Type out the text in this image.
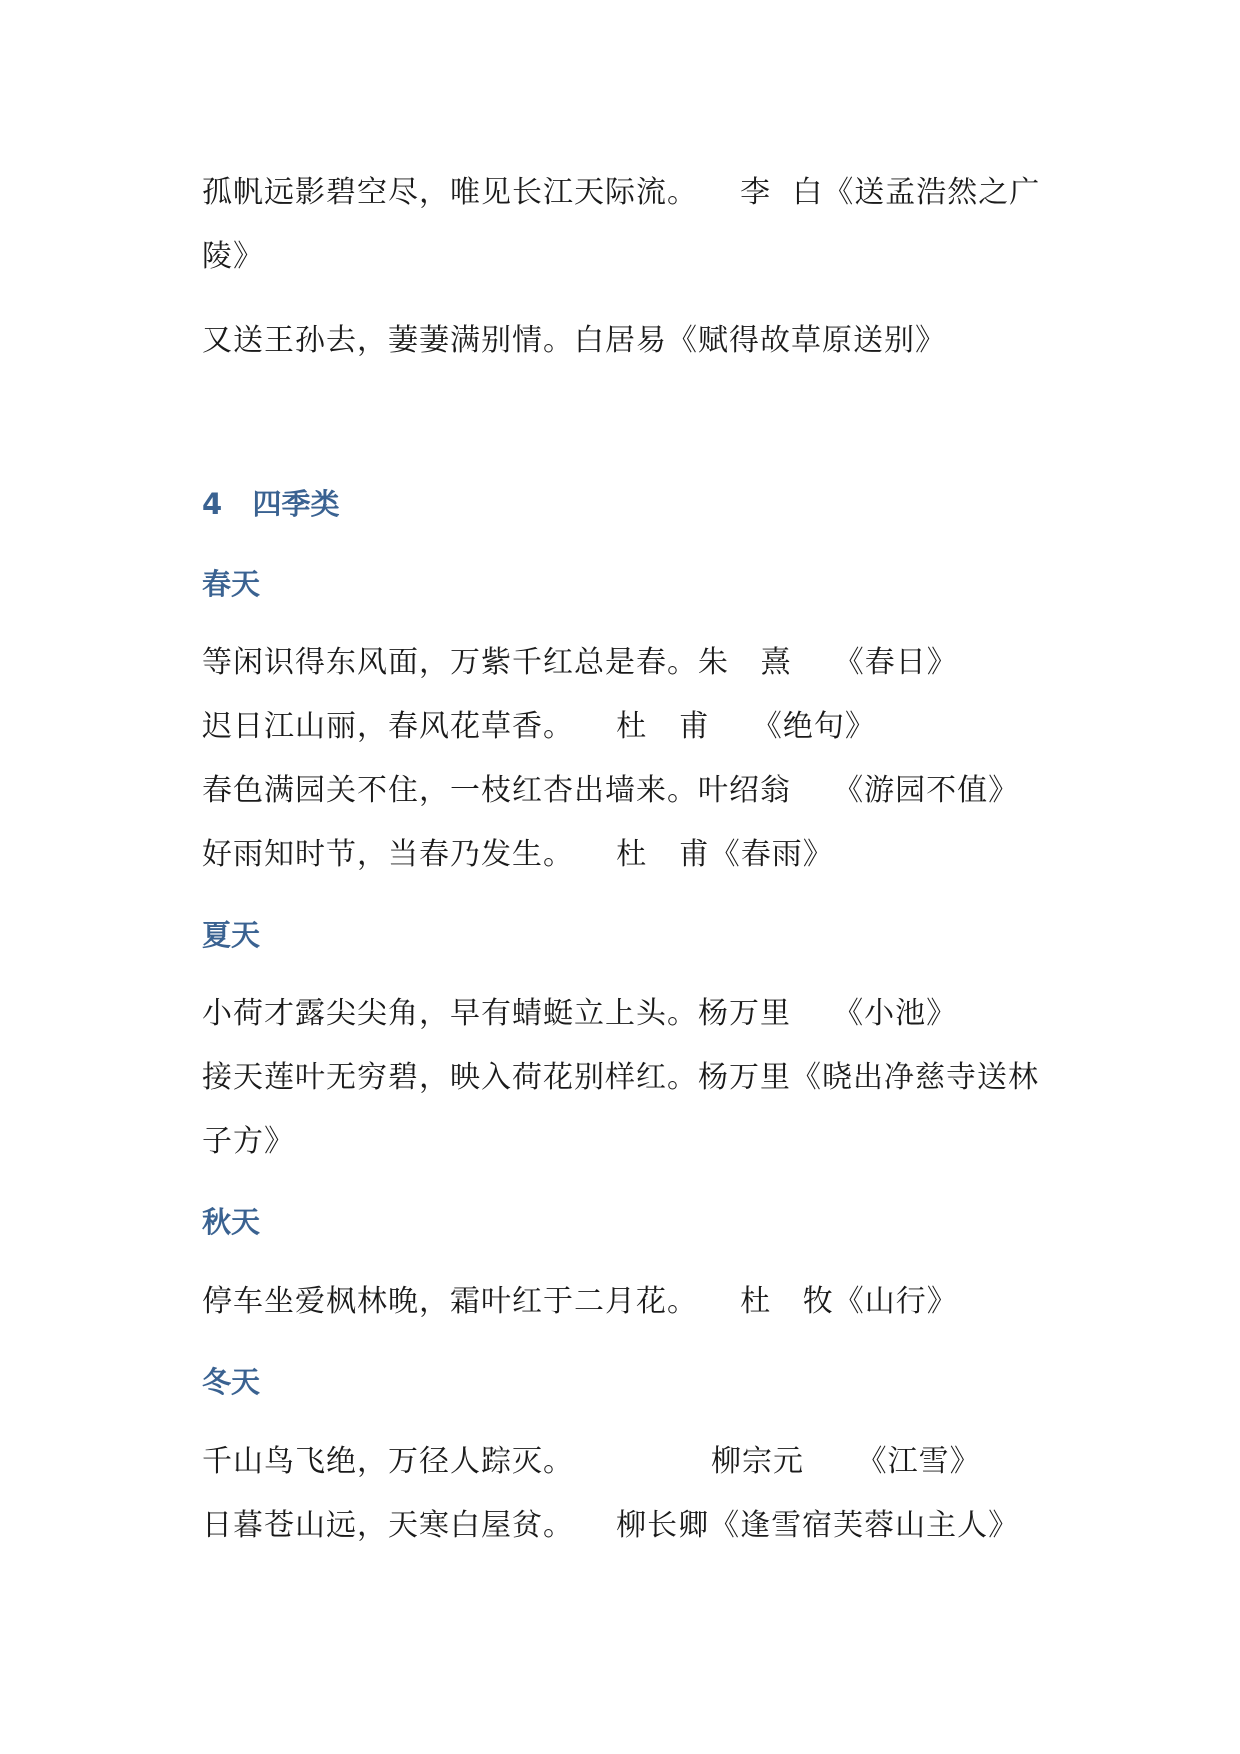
孤帆远影碧空尽，唯见长江天际流。    李  白《送孟浩然之广
陵》
又送王孙去，萋萋满别情。白居易《赋得故草原送别》
4   四季类
春天
等闲识得东风面，万紫千红总是春。朱   熹    《春日》
迟日江山丽，春风花草香。    杜   甫    《绝句》
春色满园关不住，一枝红杏出墙来。叶绍翁    《游园不值》
好雨知时节，当春乃发生。    杜   甫《春雨》
夏天
小荷才露尖尖角，早有蜻蜓立上头。杨万里    《小池》
接天莲叶无穷碧，映入荷花别样红。杨万里《晓出净慈寺送林
子方》
秋天
停车坐爱枫林晚，霜叶红于二月花。    杜   牧《山行》
冬天
千山鸟飞绝，万径人踪灭。             柳宗元     《江雪》
日暮苍山远，天寒白屋贫。    柳长卿《逢雪宿芙蓉山主人》
